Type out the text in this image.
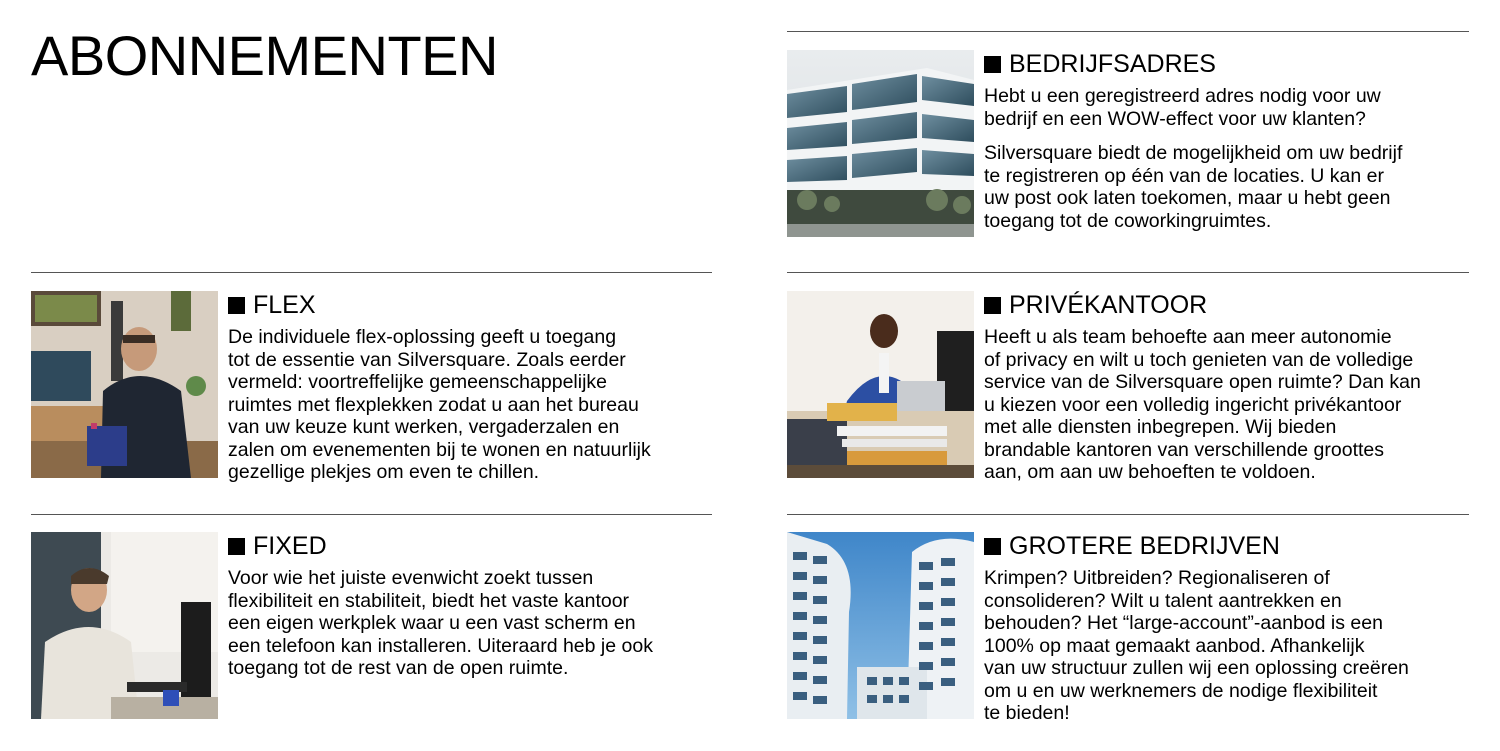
ABONNEMENTEN	BEDRIJFSADRES

Hebt u een geregistreerd adres nodig voor uw
bedrijf en een WOW-effect voor uw klanten?

Silversquare biedt de mogelijkheid om uw bedrijf
te registreren op één van de locaties. U kan er
uw post ook laten toekomen, maar u hebt geen
toegang tot de coworkingruimtes.

FLEX

De individuele flex-oplossing geeft u toegang
tot de essentie van Silversquare. Zoals eerder
vermeld: voortreffelijke gemeenschappelijke
ruimtes met flexplekken zodat u aan het bureau
van uw keuze kunt werken, vergaderzalen en
zalen om evenementen bij te wonen en natuurlijk
gezellige plekjes om even te chillen.

PRIVÉKANTOOR

Heeft u als team behoefte aan meer autonomie
of privacy en wilt u toch genieten van de volledige
service van de Silversquare open ruimte? Dan kan
u kiezen voor een volledig ingericht privékantoor
met alle diensten inbegrepen. Wij bieden
brandable kantoren van verschillende groottes
aan, om aan uw behoeften te voldoen.

FIXED

Voor wie het juiste evenwicht zoekt tussen
flexibiliteit en stabiliteit, biedt het vaste kantoor
een eigen werkplek waar u een vast scherm en
een telefoon kan installeren. Uiteraard heb je ook
toegang tot de rest van de open ruimte.

GROTERE BEDRIJVEN

Krimpen? Uitbreiden? Regionaliseren of
consolideren? Wilt u talent aantrekken en
behouden? Het “large-account”-aanbod is een
100% op maat gemaakt aanbod. Afhankelijk
van uw structuur zullen wij een oplossing creëren
om u en uw werknemers de nodige flexibiliteit
te bieden!
